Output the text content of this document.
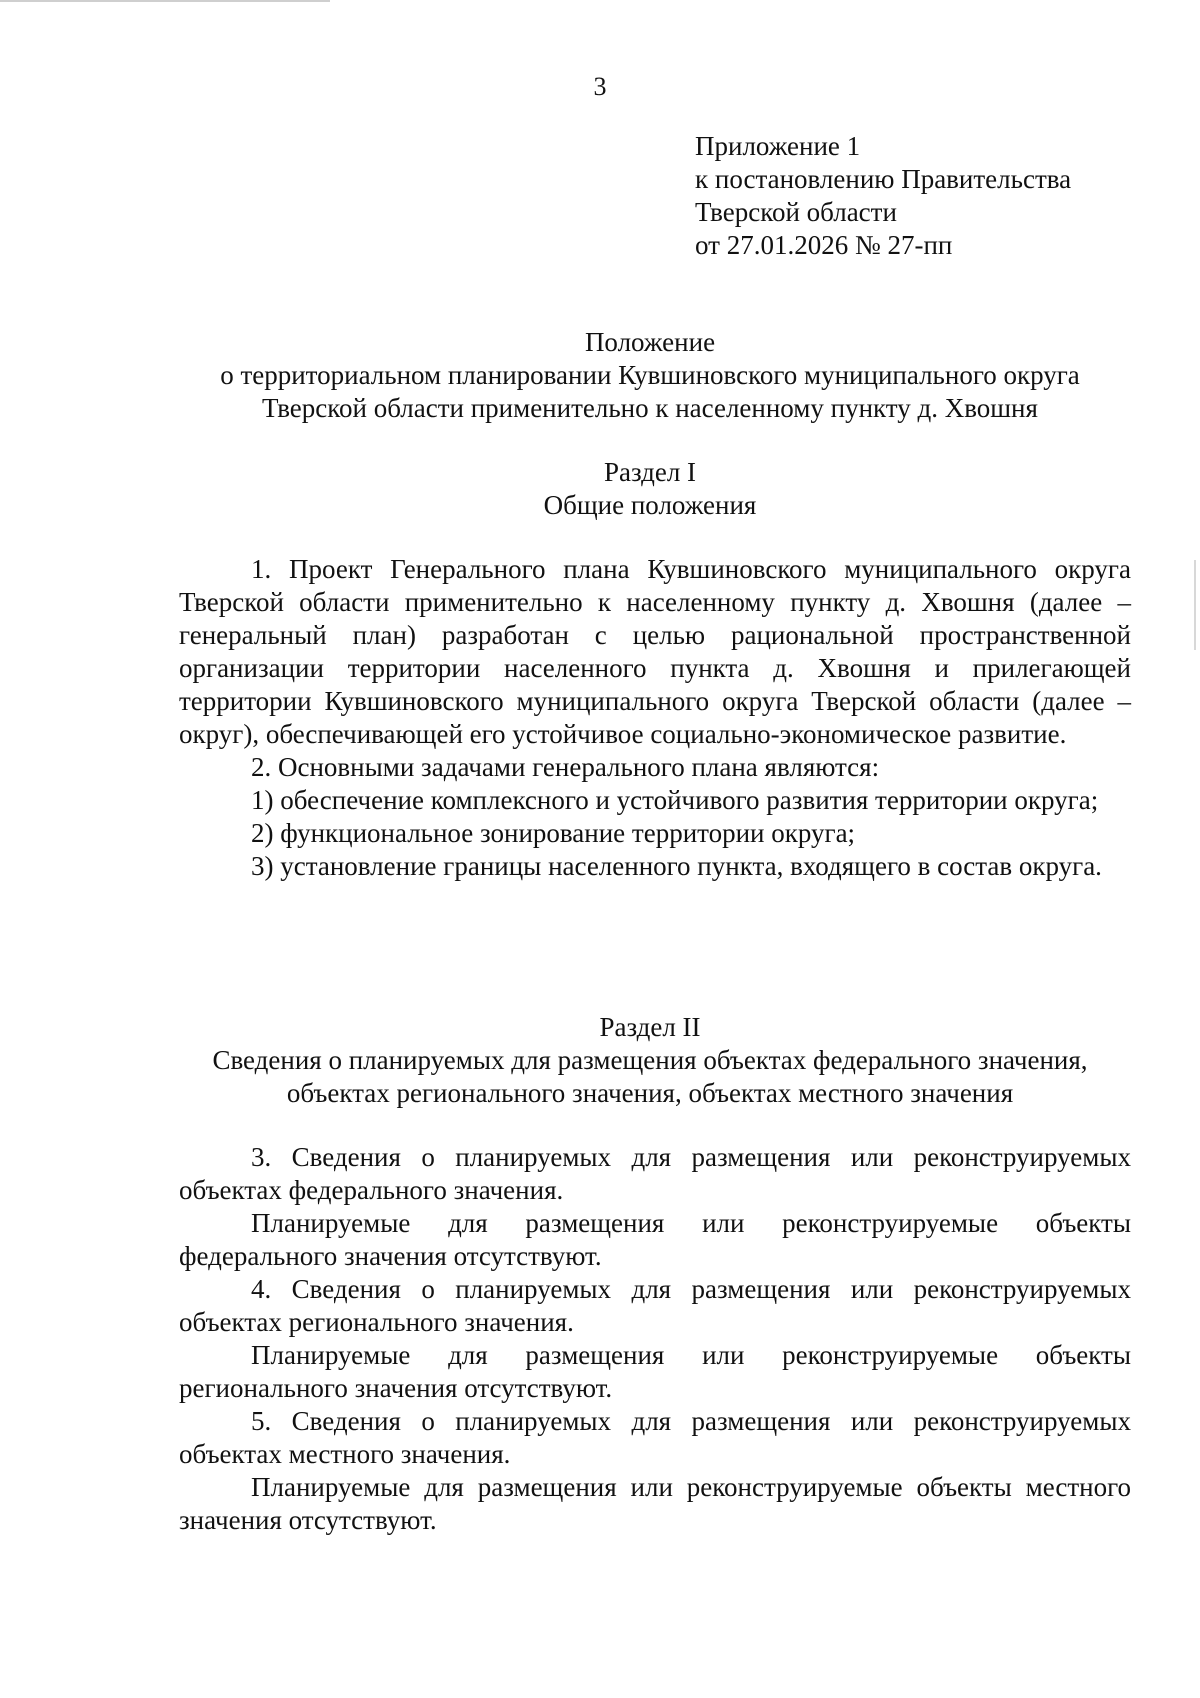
3
Приложение 1
к постановлению Правительства
Тверской области
от 27.01.2026 № 27-пп
Положение
о территориальном планировании Кувшиновского муниципального округа
Тверской области применительно к населенному пункту д. Хвошня
Раздел I
Общие положения

1. Проект Генерального плана Кувшиновского муниципального округа Тверской области применительно к населенному пункту д. Хвошня (далее – генеральный план) разработан с целью рациональной пространственной организации территории населенного пункта д. Хвошня и прилегающей территории Кувшиновского муниципального округа Тверской области (далее – округ), обеспечивающей его устойчивое социально-экономическое развитие.

2. Основными задачами генерального плана являются:

1) обеспечение комплексного и устойчивого развития территории округа;

2) функциональное зонирование территории округа;

3) установление границы населенного пункта, входящего в состав округа.

Раздел II
Сведения о планируемых для размещения объектах федерального значения,
объектах регионального значения, объектах местного значения

3. Сведения о планируемых для размещения или реконструируемых объектах федерального значения.

Планируемые для размещения или реконструируемые объекты федерального значения отсутствуют.

4. Сведения о планируемых для размещения или реконструируемых объектах регионального значения.

Планируемые для размещения или реконструируемые объекты регионального значения отсутствуют.

5. Сведения о планируемых для размещения или реконструируемых объектах местного значения.

Планируемые для размещения или реконструируемые объекты местного значения отсутствуют.
